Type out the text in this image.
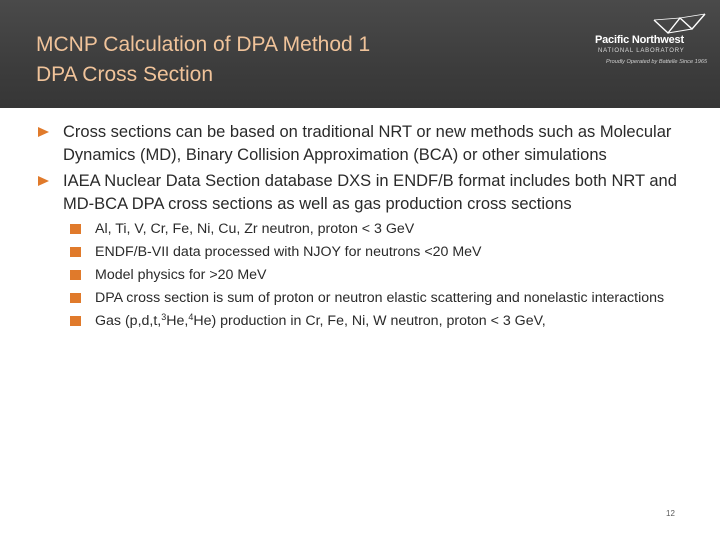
MCNP Calculation of DPA Method 1
DPA Cross Section
Pacific Northwest
NATIONAL LABORATORY
Proudly Operated by Battelle Since 1965
Cross sections can be based on traditional NRT or new methods such as Molecular Dynamics (MD), Binary Collision Approximation (BCA) or other simulations
IAEA Nuclear Data Section database DXS in ENDF/B format includes both NRT and MD-BCA DPA cross sections as well as gas production cross sections
Al, Ti, V, Cr, Fe, Ni, Cu, Zr neutron, proton < 3 GeV
ENDF/B-VII data processed with NJOY for neutrons <20 MeV
Model physics for >20 MeV
DPA cross section is sum of proton or neutron elastic scattering and nonelastic interactions
Gas (p,d,t,$^3$He,$^4$He) production in Cr, Fe, Ni, W neutron, proton < 3 GeV,
12
